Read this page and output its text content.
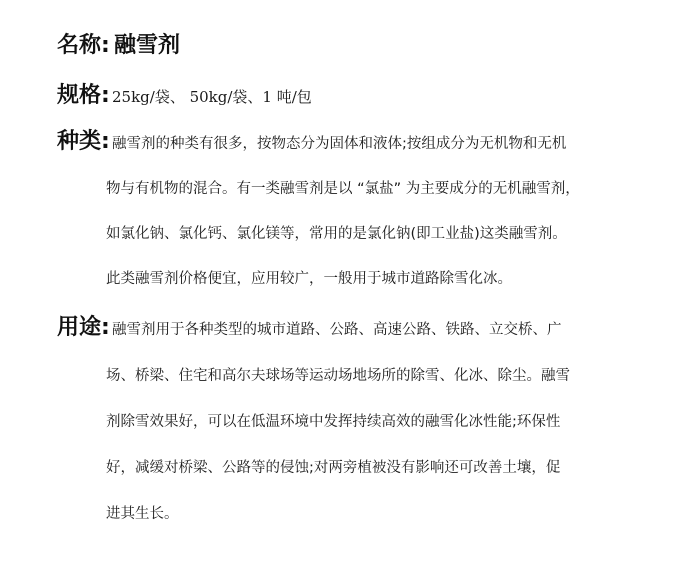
名称: 融雪剂
规格: 25kg/袋、 50kg/袋、1 吨/包
种类: 融雪剂的种类有很多，按物态分为固体和液体;按组成分为无机物和无机
物与有机物的混合。有一类融雪剂是以 “氯盐” 为主要成分的无机融雪剂，
如氯化钠、氯化钙、氯化镁等，常用的是氯化钠(即工业盐)这类融雪剂。
此类融雪剂价格便宜，应用较广，一般用于城市道路除雪化冰。
用途: 融雪剂用于各种类型的城市道路、公路、高速公路、铁路、立交桥、广
场、桥梁、住宅和高尔夫球场等运动场地场所的除雪、化冰、除尘。融雪
剂除雪效果好，可以在低温环境中发挥持续高效的融雪化冰性能;环保性
好，减缓对桥梁、公路等的侵蚀;对两旁植被没有影响还可改善土壤，促
进其生长。
